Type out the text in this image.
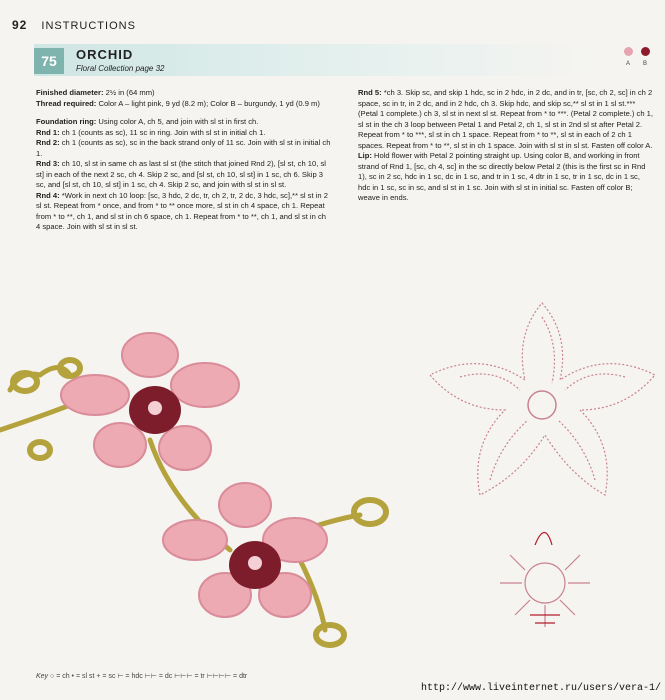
92 INSTRUCTIONS
75	ORCHID
Floral Collection page 32	A B

Finished diameter: 2½ in (64 mm)

Thread required: Color A – light pink, 9 yd (8.2 m); Color B – burgundy, 1 yd (0.9 m)

Foundation ring: Using color A, ch 5, and join with sl st in first ch.

Rnd 1: ch 1 (counts as sc), 11 sc in ring. Join with sl st in initial ch 1.

Rnd 2: ch 1 (counts as sc), sc in the back strand only of 11 sc. Join with sl st in initial ch 1.

Rnd 3: ch 10, sl st in same ch as last sl st (the stitch that joined Rnd 2), [sl st, ch 10, sl st] in each of the next 2 sc, ch 4. Skip 2 sc, and [sl st, ch 10, sl st] in 1 sc, ch 6. Skip 3 sc, and [sl st, ch 10, sl st] in 1 sc, ch 4. Skip 2 sc, and join with sl st in sl st.

Rnd 4: *Work in next ch 10 loop: [sc, 3 hdc, 2 dc, tr, ch 2, tr, 2 dc, 3 hdc, sc],** sl st in 2 sl st. Repeat from * once, and from * to ** once more, sl st in ch 4 space, ch 1. Repeat from * to **, ch 1, and sl st in ch 6 space, ch 1. Repeat from * to **, ch 1, and sl st in ch 4 space. Join with sl st in sl st.

Rnd 5: *ch 3. Skip sc, and skip 1 hdc, sc in 2 hdc, in 2 dc, and in tr, [sc, ch 2, sc] in ch 2 space, sc in tr, in 2 dc, and in 2 hdc, ch 3. Skip hdc, and skip sc,** sl st in 1 sl st.*** (Petal 1 complete.) ch 3, sl st in next sl st. Repeat from * to ***. (Petal 2 complete.) ch 1, sl st in the ch 3 loop between Petal 1 and Petal 2, ch 1, sl st in 2nd sl st after Petal 2. Repeat from * to ***, sl st in ch 1 space. Repeat from * to **, sl st in each of 2 ch 1 spaces. Repeat from * to **, sl st in ch 1 space. Join with sl st in sl st. Fasten off color A.

Lip: Hold flower with Petal 2 pointing straight up. Using color B, and working in front strand of Rnd 1, [sc, ch 4, sc] in the sc directly below Petal 2 (this is the first sc in Rnd 1), sc in 2 sc, hdc in 1 sc, dc in 1 sc, and tr in 1 sc, 4 dtr in 1 sc, tr in 1 sc, dc in 1 sc, hdc in 1 sc, sc in sc, and sl st in 1 sc. Join with sl st in initial sc. Fasten off color B; weave in ends.

Key ○ = ch • = sl st + = sc ⊢ = hdc ⊢⊢ = dc ⊢⊢⊢ = tr ⊢⊢⊢⊢ = dtr
http://www.liveinternet.ru/users/vera-1/
